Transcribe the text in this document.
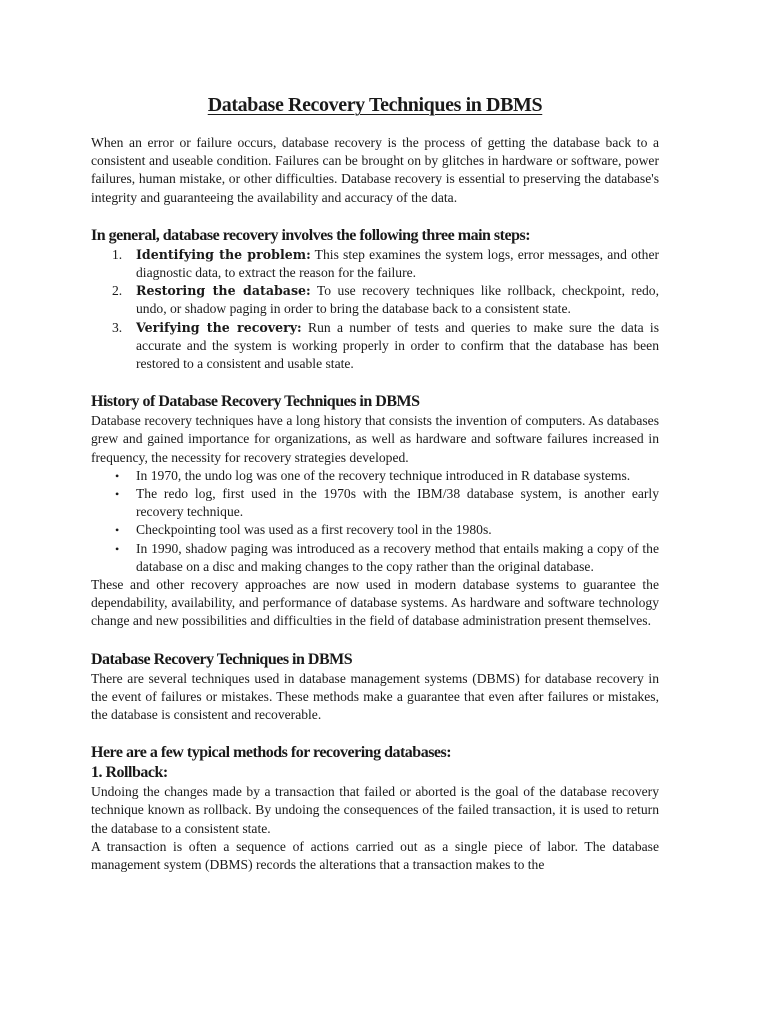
Database Recovery Techniques in DBMS

When an error or failure occurs, database recovery is the process of getting the database back to a consistent and useable condition. Failures can be brought on by glitches in hardware or software, power failures, human mistake, or other difficulties. Database recovery is essential to preserving the database's integrity and guaranteeing the availability and accuracy of the data.

In general, database recovery involves the following three main steps:
1. Identifying the problem: This step examines the system logs, error messages, and other diagnostic data, to extract the reason for the failure.
2. Restoring the database: To use recovery techniques like rollback, checkpoint, redo, undo, or shadow paging in order to bring the database back to a consistent state.
3. Verifying the recovery: Run a number of tests and queries to make sure the data is accurate and the system is working properly in order to confirm that the database has been restored to a consistent and usable state.
History of Database Recovery Techniques in DBMS

Database recovery techniques have a long history that consists the invention of computers. As databases grew and gained importance for organizations, as well as hardware and software failures increased in frequency, the necessity for recovery strategies developed.

• In 1970, the undo log was one of the recovery technique introduced in R database systems.
• The redo log, first used in the 1970s with the IBM/38 database system, is another early recovery technique.
• Checkpointing tool was used as a first recovery tool in the 1980s.
• In 1990, shadow paging was introduced as a recovery method that entails making a copy of the database on a disc and making changes to the copy rather than the original database.

These and other recovery approaches are now used in modern database systems to guarantee the dependability, availability, and performance of database systems. As hardware and software technology change and new possibilities and difficulties in the field of database administration present themselves.

Database Recovery Techniques in DBMS

There are several techniques used in database management systems (DBMS) for database recovery in the event of failures or mistakes. These methods make a guarantee that even after failures or mistakes, the database is consistent and recoverable.

Here are a few typical methods for recovering databases:
1. Rollback:

Undoing the changes made by a transaction that failed or aborted is the goal of the database recovery technique known as rollback. By undoing the consequences of the failed transaction, it is used to return the database to a consistent state.

A transaction is often a sequence of actions carried out as a single piece of labor. The database management system (DBMS) records the alterations that a transaction makes to the
